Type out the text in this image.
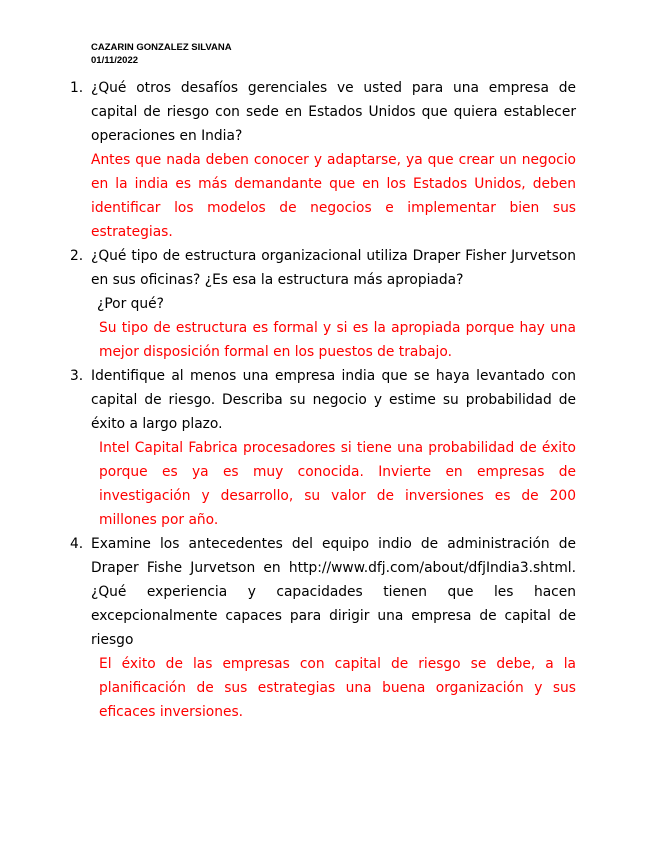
CAZARIN GONZALEZ SILVANA
01/11/2022
1. ¿Qué otros desafíos gerenciales ve usted para una empresa de capital de riesgo con sede en Estados Unidos que quiera establecer operaciones en India?

Antes que nada deben conocer y adaptarse, ya que crear un negocio en la india es más demandante que en los Estados Unidos, deben identificar los modelos de negocios e implementar bien sus estrategias.

2. ¿Qué tipo de estructura organizacional utiliza Draper Fisher Jurvetson en sus oficinas? ¿Es esa la estructura más apropiada?

¿Por qué?

Su tipo de estructura es formal y si es la apropiada porque hay una mejor disposición formal en los puestos de trabajo.

3. Identifique al menos una empresa india que se haya levantado con capital de riesgo. Describa su negocio y estime su probabilidad de éxito a largo plazo.

Intel Capital Fabrica procesadores si tiene una probabilidad de éxito porque es ya es muy conocida. Invierte en empresas de investigación y desarrollo, su valor de inversiones es de 200 millones por año.

4. Examine los antecedentes del equipo indio de administración de Draper Fishe Jurvetson en http://www.dfj.com/about/dfjIndia3.shtml. ¿Qué experiencia y capacidades tienen que les hacen excepcionalmente capaces para dirigir una empresa de capital de riesgo

El éxito de las empresas con capital de riesgo se debe, a la planificación de sus estrategias una buena organización y sus eficaces inversiones.
